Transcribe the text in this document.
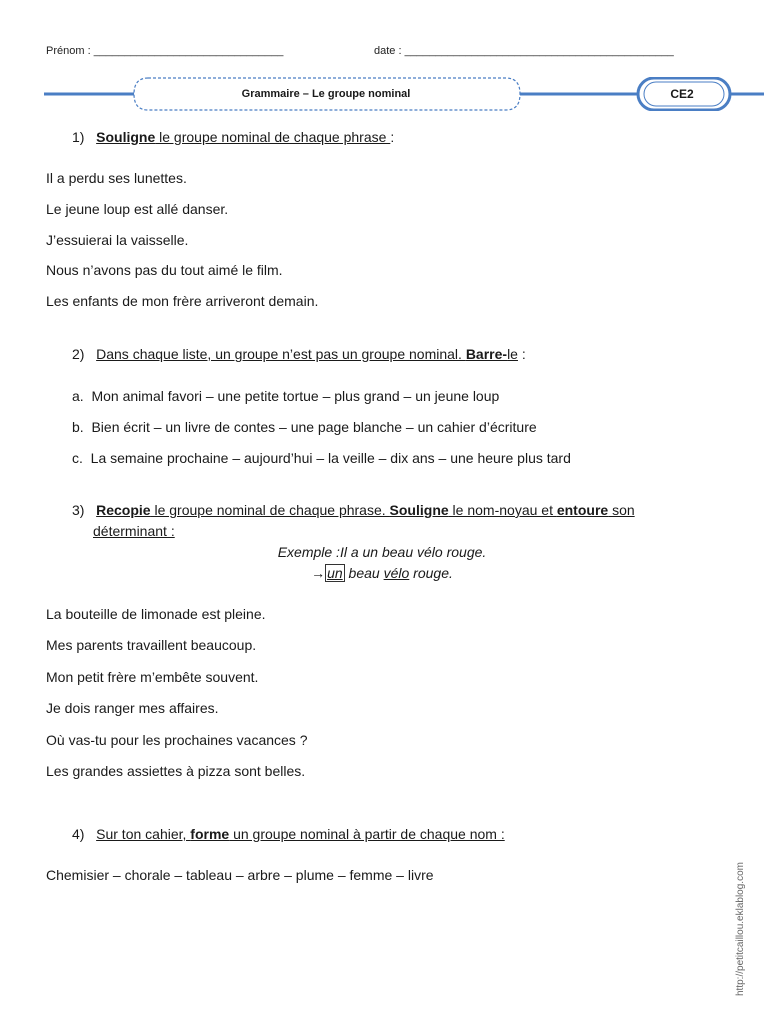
Prénom : _______________________________	date : ____________________________________________
Grammaire – Le groupe nominal	CE2
1) Souligne le groupe nominal de chaque phrase :
Il a perdu ses lunettes.
Le jeune loup est allé danser.
J’essuierai la vaisselle.
Nous n’avons pas du tout aimé le film.
Les enfants de mon frère arriveront demain.
2) Dans chaque liste, un groupe n’est pas un groupe nominal. Barre-le :
a. Mon animal favori – une petite tortue – plus grand – un jeune loup
b. Bien écrit – un livre de contes – une page blanche – un cahier d’écriture
c. La semaine prochaine – aujourd’hui – la veille – dix ans – une heure plus tard
3) Recopie le groupe nominal de chaque phrase. Souligne le nom-noyau et entoure son
déterminant :
Exemple :Il a un beau vélo rouge.
→ un beau vélo rouge.
La bouteille de limonade est pleine.
Mes parents travaillent beaucoup.
Mon petit frère m’embête souvent.
Je dois ranger mes affaires.
Où vas-tu pour les prochaines vacances ?
Les grandes assiettes à pizza sont belles.
4) Sur ton cahier, forme un groupe nominal à partir de chaque nom :
Chemisier – chorale – tableau – arbre – plume – femme – livre	http://petitcaillou.eklablog.com
